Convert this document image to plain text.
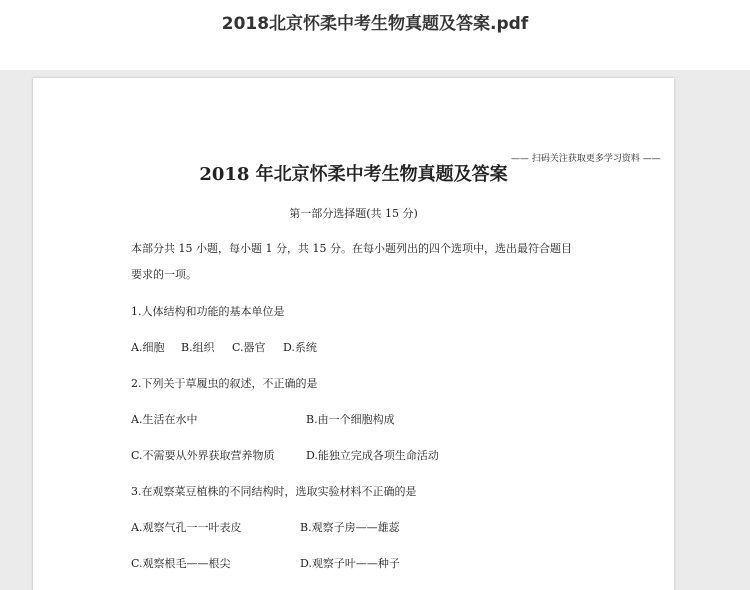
2018北京怀柔中考生物真题及答案.pdf
—— 扫码关注获取更多学习资料 ——
2018 年北京怀柔中考生物真题及答案
第一部分选择题(共 15 分)
本部分共 15 小题，每小题 1 分，共 15 分。在每小题列出的四个选项中，选出最符合题目
要求的一项。
1.人体结构和功能的基本单位是
A.细胞 B.组织 C.器官 D.系统
2.下列关于草履虫的叙述，不正确的是
A.生活在水中	B.由一个细胞构成
C.不需要从外界获取营养物质	D.能独立完成各项生命活动
3.在观察菜豆植株的不同结构时，选取实验材料不正确的是
A.观察气孔一一叶表皮	B.观察子房——雄蕊
C.观察根毛——根尖	D.观察子叶——种子
